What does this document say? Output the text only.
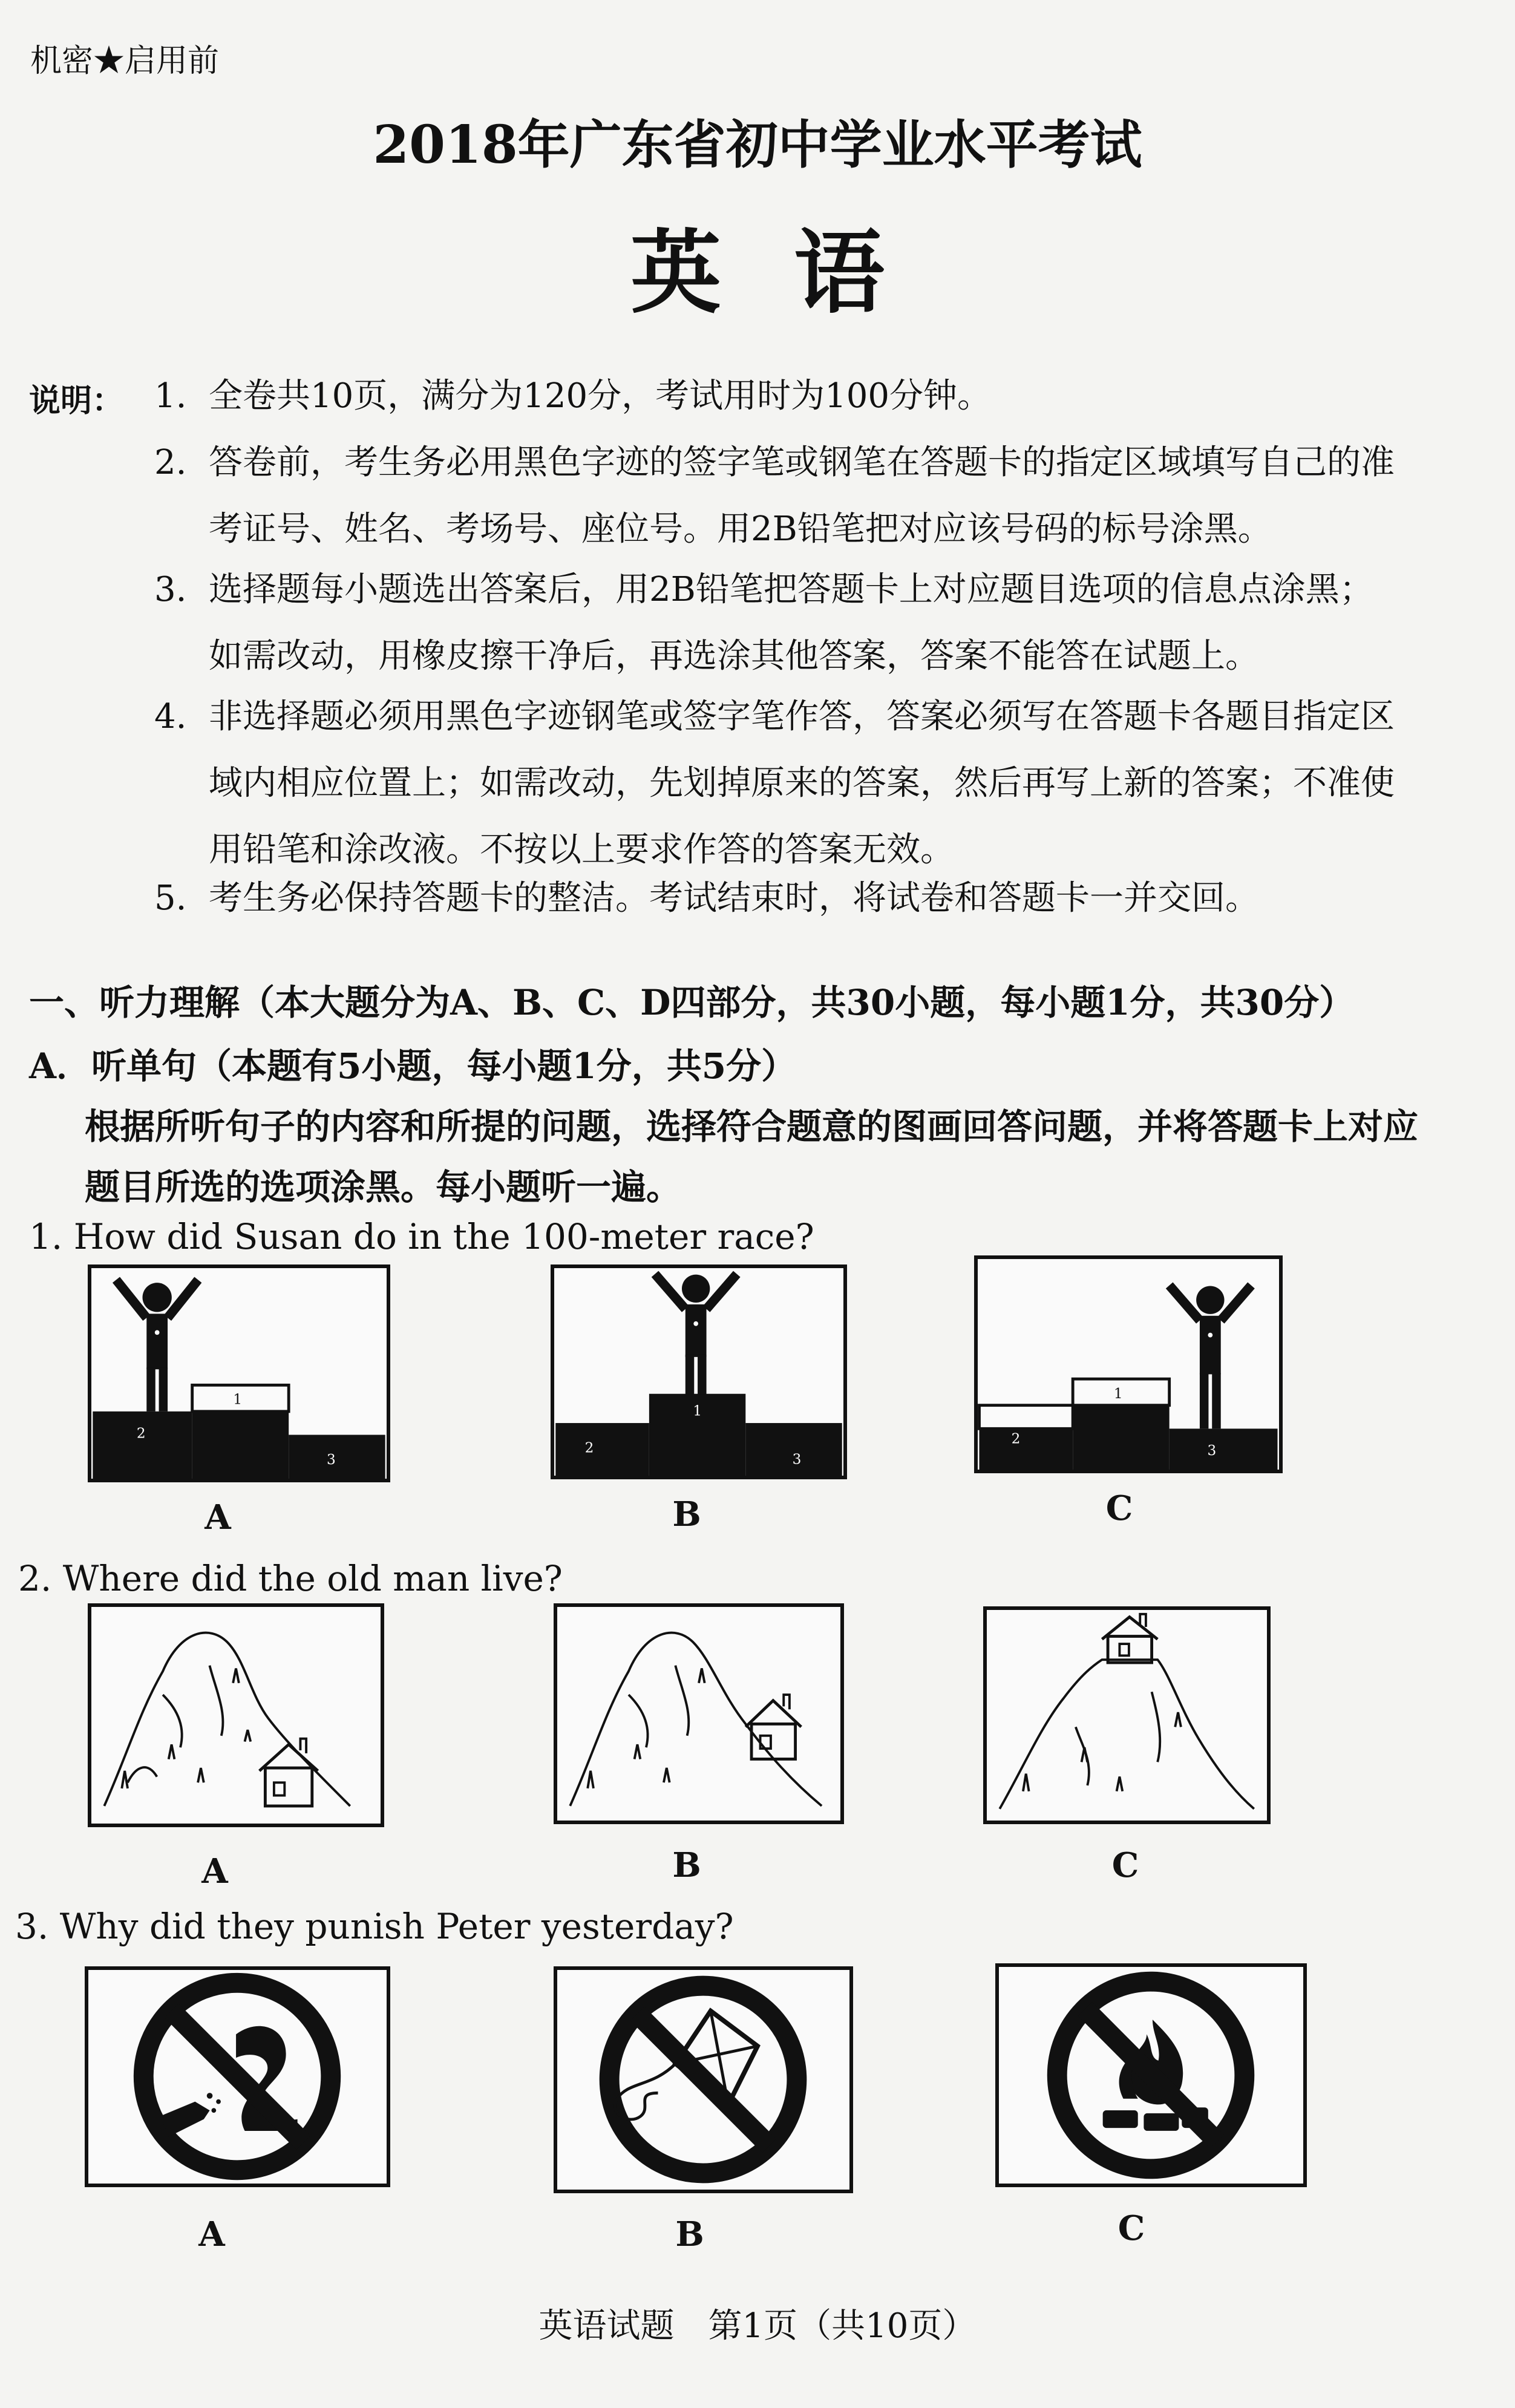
机密★启用前
2018年广东省初中学业水平考试
英语
说明： 1. 全卷共10页，满分为120分，考试用时为100分钟。
2. 答卷前，考生务必用黑色字迹的签字笔或钢笔在答题卡的指定区域填写自己的准
考证号、姓名、考场号、座位号。用2B铅笔把对应该号码的标号涂黑。
3. 选择题每小题选出答案后，用2B铅笔把答题卡上对应题目选项的信息点涂黑；
如需改动，用橡皮擦干净后，再选涂其他答案，答案不能答在试题上。
4. 非选择题必须用黑色字迹钢笔或签字笔作答，答案必须写在答题卡各题目指定区
域内相应位置上；如需改动，先划掉原来的答案，然后再写上新的答案；不准使
用铅笔和涂改液。不按以上要求作答的答案无效。
5. 考生务必保持答题卡的整洁。考试结束时，将试卷和答题卡一并交回。
一、听力理解（本大题分为A、B、C、D四部分，共30小题，每小题1分，共30分）
A．听单句（本题有5小题，每小题1分，共5分）
根据所听句子的内容和所提的问题，选择符合题意的图画回答问题，并将答题卡上对应
题目所选的选项涂黑。每小题听一遍。
1. How did Susan do in the 100-meter race?
1
2
3
A
1
2
3
B
1
2
3
C
2. Where did the old man live?
A	B	C
3. Why did they punish Peter yesterday?
A	B	C
英语试题　第1页（共10页）
